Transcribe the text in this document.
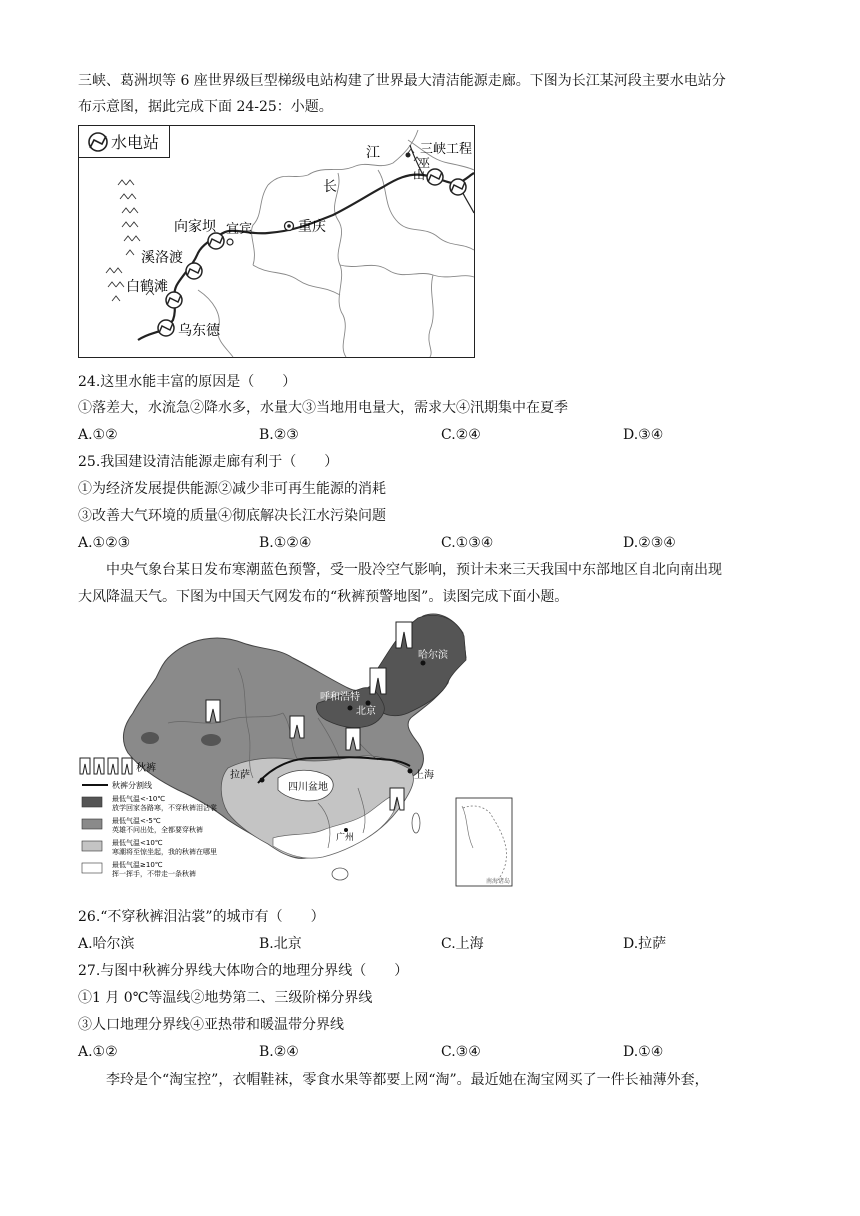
三峡、葛洲坝等 6 座世界级巨型梯级电站构建了世界最大清洁能源走廊。下图为长江某河段主要水电站分
布示意图，据此完成下面 24-25：小题。
水电站
江
长
三峡工程
巫
山
向家坝 宜宾	重庆
溪洛渡
白鹤滩
乌东德
24.这里水能丰富的原因是（　　）
①落差大，水流急②降水多，水量大③当地用电量大，需求大④汛期集中在夏季
A.①②	B.②③	C.②④	D.③④
25.我国建设清洁能源走廊有利于（　　）
①为经济发展提供能源②减少非可再生能源的消耗
③改善大气环境的质量④彻底解决长江水污染问题
A.①②③	B.①②④	C.①③④	D.②③④
中央气象台某日发布寒潮蓝色预警，受一股冷空气影响，预计未来三天我国中东部地区自北向南出现
大风降温天气。下图为中国天气网发布的“秋裤预警地图”。读图完成下面小题。
哈尔滨
呼和浩特
北京
拉萨
四川盆地
上海
广州
南海诸岛
秋裤
秋裤分割线
最低气温<-10℃
放学回家各路寒，不穿秋裤泪沾裳
最低气温<-5℃
英雄不问出处，全都要穿秋裤
最低气温<10℃
寒潮将至惊坐起，我的秋裤在哪里
最低气温≥10℃
挥一挥手，不带走一条秋裤
26.“不穿秋裤泪沾裳”的城市有（　　）
A.哈尔滨	B.北京	C.上海	D.拉萨
27.与图中秋裤分界线大体吻合的地理分界线（　　）
①1 月 0℃等温线②地势第二、三级阶梯分界线
③人口地理分界线④亚热带和暖温带分界线
A.①②	B.②④	C.③④	D.①④
李玲是个“淘宝控”，衣帽鞋袜，零食水果等都要上网“淘”。最近她在淘宝网买了一件长袖薄外套，
